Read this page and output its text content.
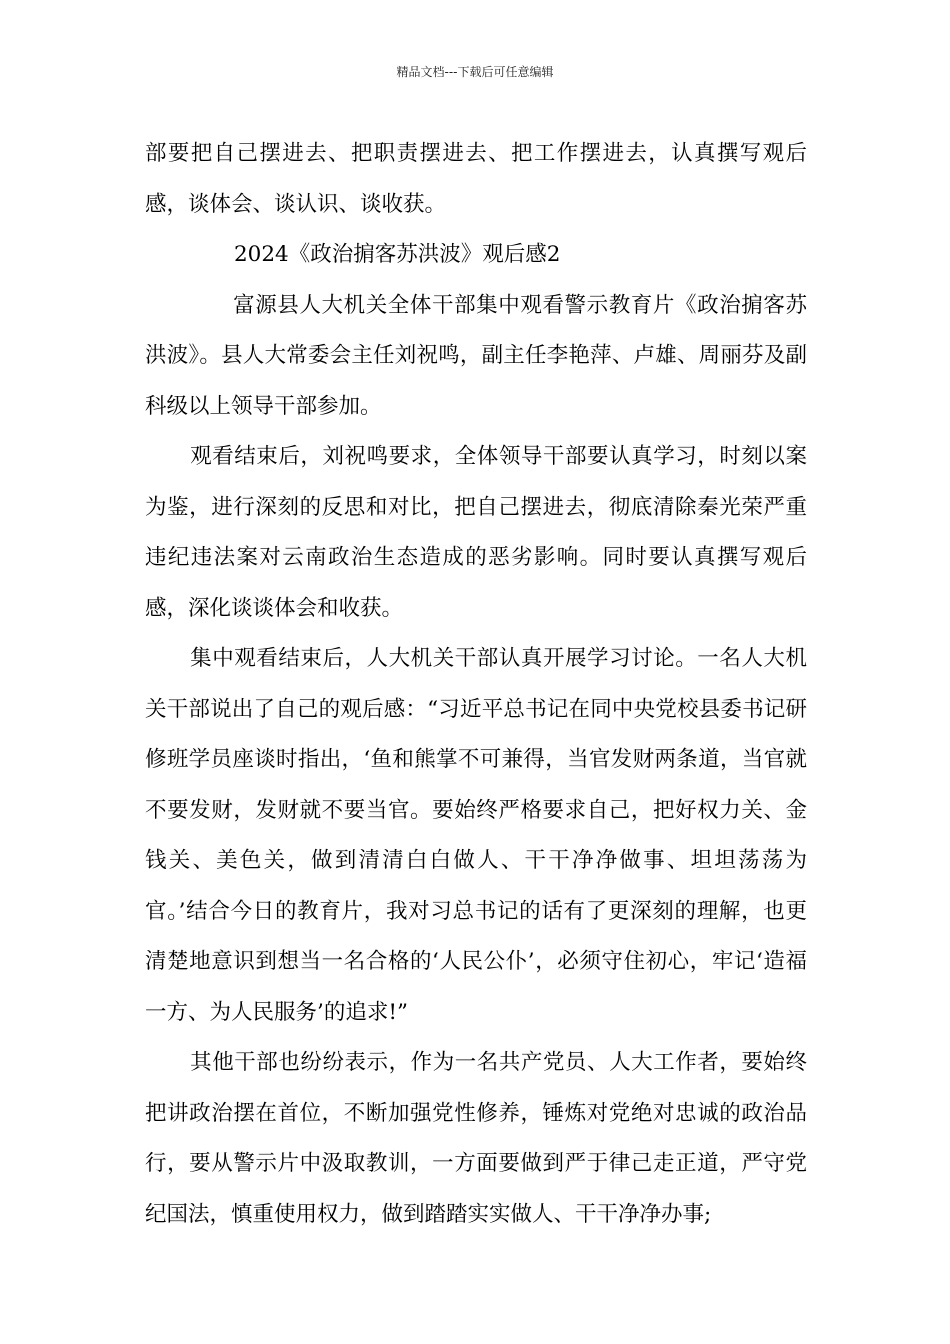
精品文档---下载后可任意编辑

部要把自己摆进去、把职责摆进去、把工作摆进去，认真撰写观后感，谈体会、谈认识、谈收获。

2024《政治掮客苏洪波》观后感2

富源县人大机关全体干部集中观看警示教育片《政治掮客苏洪波》。县人大常委会主任刘祝鸣，副主任李艳萍、卢雄、周丽芬及副科级以上领导干部参加。

观看结束后，刘祝鸣要求，全体领导干部要认真学习，时刻以案为鉴，进行深刻的反思和对比，把自己摆进去，彻底清除秦光荣严重违纪违法案对云南政治生态造成的恶劣影响。同时要认真撰写观后感，深化谈谈体会和收获。

集中观看结束后，人大机关干部认真开展学习讨论。一名人大机关干部说出了自己的观后感：“习近平总书记在同中央党校县委书记研修班学员座谈时指出，‘鱼和熊掌不可兼得，当官发财两条道，当官就不要发财，发财就不要当官。要始终严格要求自己，把好权力关、金钱关、美色关，做到清清白白做人、干干净净做事、坦坦荡荡为官。’结合今日的教育片，我对习总书记的话有了更深刻的理解，也更清楚地意识到想当一名合格的‘人民公仆’，必须守住初心，牢记‘造福一方、为人民服务’的追求!”

其他干部也纷纷表示，作为一名共产党员、人大工作者，要始终把讲政治摆在首位，不断加强党性修养，锤炼对党绝对忠诚的政治品行，要从警示片中汲取教训，一方面要做到严于律己走正道，严守党纪国法，慎重使用权力，做到踏踏实实做人、干干净净办事;
